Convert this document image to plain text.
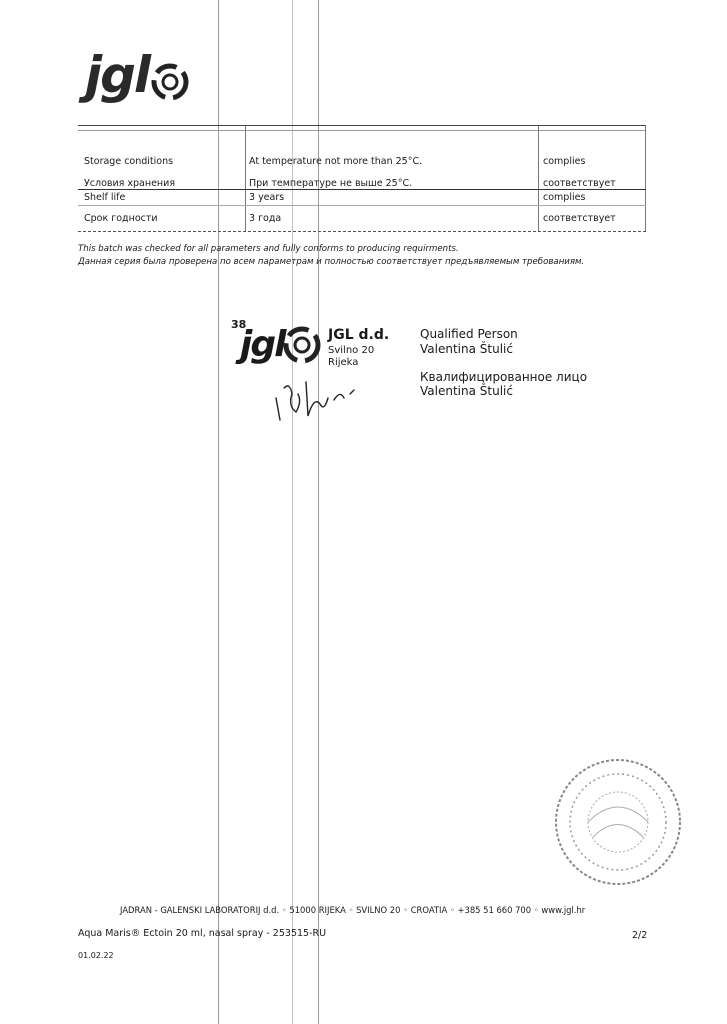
jgl
Storage conditions	At temperature not more than 25°C.	complies
Условия хранения	При температуре не выше 25°C.	соответствует
Shelf life	3 years	complies
Срок годности	3 года	соответствует
This batch was checked for all parameters and fully conforms to producing requirments.
Данная серия была проверена по всем параметрам и полностью соответствует предъявляемым требованиям.
38
jgl	JGL d.d.
Svilno 20
Rijeka
Qualified Person
Valentina Štulić
Квалифицированное лицо
Valentina Štulić
JADRAN - GALENSKI LABORATORIJ d.d. ◦ 51000 RIJEKA ◦ SVILNO 20 ◦ CROATIA ◦ +385 51 660 700 ◦ www.jgl.hr
Aqua Maris® Ectoin 20 ml, nasal spray - 253515-RU	2/2
01.02.22
